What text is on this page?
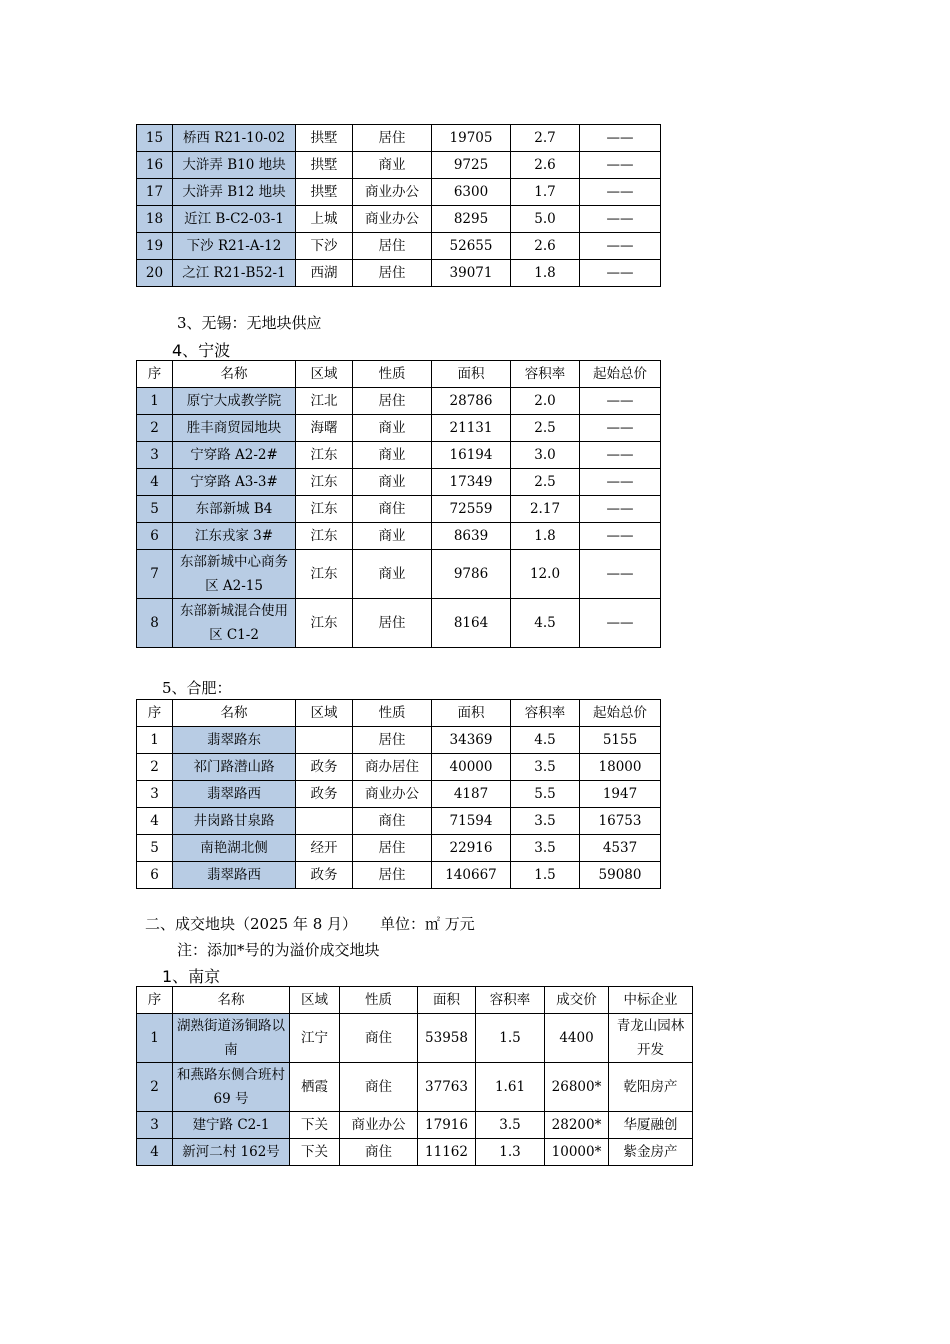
15	桥西 R21-10-02	拱墅	居住	19705	2.7	——
16	大浒弄 B10 地块	拱墅	商业	9725	2.6	——
17	大浒弄 B12 地块	拱墅	商业办公	6300	1.7	——
18	近江 B-C2-03-1	上城	商业办公	8295	5.0	——
19	下沙 R21-A-12	下沙	居住	52655	2.6	——
20	之江 R21-B52-1	西湖	居住	39071	1.8	——
3、无锡：无地块供应
4、宁波
序	名称	区域	性质	面积	容积率	起始总价
1	原宁大成教学院	江北	居住	28786	2.0	——
2	胜丰商贸园地块	海曙	商业	21131	2.5	——
3	宁穿路 A2-2#	江东	商业	16194	3.0	——
4	宁穿路 A3-3#	江东	商业	17349	2.5	——
5	东部新城 B4	江东	商住	72559	2.17	——
6	江东戎家 3#	江东	商业	8639	1.8	——
7	东部新城中心商务区 A2-15	江东	商业	9786	12.0	——
8	东部新城混合使用区 C1-2	江东	居住	8164	4.5	——
5、合肥：
序	名称	区域	性质	面积	容积率	起始总价
1	翡翠路东		居住	34369	4.5	5155
2	祁门路潜山路	政务	商办居住	40000	3.5	18000
3	翡翠路西	政务	商业办公	4187	5.5	1947
4	井岗路甘泉路		商住	71594	3.5	16753
5	南艳湖北侧	经开	居住	22916	3.5	4537
6	翡翠路西	政务	居住	140667	1.5	59080
二、成交地块（2025 年 8 月） 单位：㎡ 万元
注：添加*号的为溢价成交地块
1、南京
序	名称	区域	性质	面积	容积率	成交价	中标企业
1	湖熟街道汤铜路以南	江宁	商住	53958	1.5	4400	青龙山园林开发
2	和燕路东侧合班村 69 号	栖霞	商住	37763	1.61	26800*	乾阳房产
3	建宁路 C2-1	下关	商业办公	17916	3.5	28200*	华厦融创
4	新河二村 162号	下关	商住	11162	1.3	10000*	紫金房产
